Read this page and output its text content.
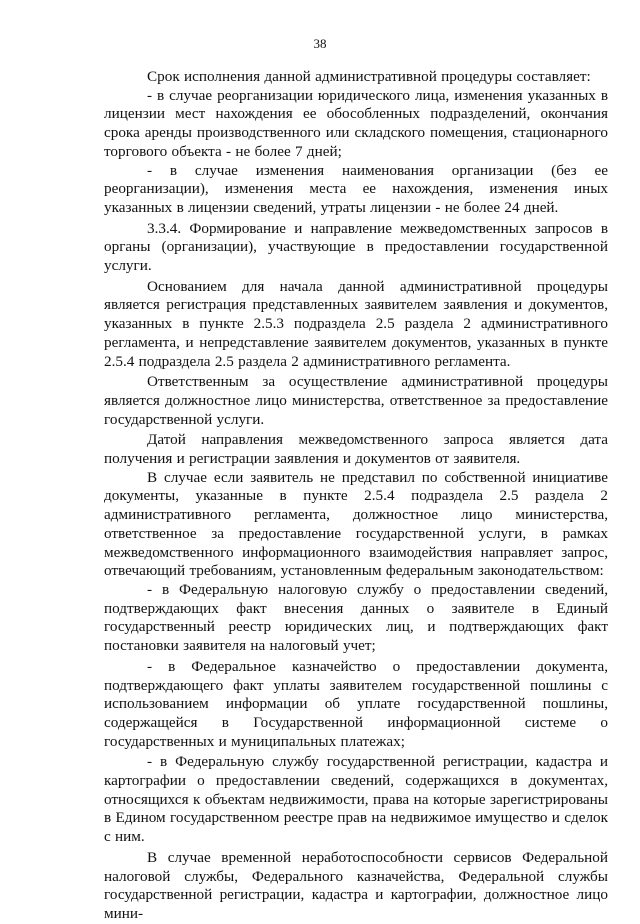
38

Срок исполнения данной административной процедуры составляет:

- в случае реорганизации юридического лица, изменения указанных в лицензии мест нахождения ее обособленных подразделений, окончания срока аренды производственного или складского помещения, стационарного торгового объекта - не более 7 дней;

- в случае изменения наименования организации (без ее реорганизации), изменения места ее нахождения, изменения иных указанных в лицензии сведений, утраты лицензии - не более 24 дней.

3.3.4. Формирование и направление межведомственных запросов в органы (организации), участвующие в предоставлении государственной услуги.

Основанием для начала данной административной процедуры является регистрация представленных заявителем заявления и документов, указанных в пункте 2.5.3 подраздела 2.5 раздела 2 административного регламента, и непредставление заявителем документов, указанных в пункте 2.5.4 подраздела 2.5 раздела 2 административного регламента.

Ответственным за осуществление административной процедуры является должностное лицо министерства, ответственное за предоставление государственной услуги.

Датой направления межведомственного запроса является дата получения и регистрации заявления и документов от заявителя.

В случае если заявитель не представил по собственной инициативе документы, указанные в пункте 2.5.4 подраздела 2.5 раздела 2 административного регламента, должностное лицо министерства, ответственное за предоставление государственной услуги, в рамках межведомственного информационного взаимодействия направляет запрос, отвечающий требованиям, установленным федеральным законодательством:

- в Федеральную налоговую службу о предоставлении сведений, подтверждающих факт внесения данных о заявителе в Единый государственный реестр юридических лиц, и подтверждающих факт постановки заявителя на налоговый учет;

- в Федеральное казначейство о предоставлении документа, подтверждающего факт уплаты заявителем государственной пошлины с использованием информации об уплате государственной пошлины, содержащейся в Государственной информационной системе о государственных и муниципальных платежах;

- в Федеральную службу государственной регистрации, кадастра и картографии о предоставлении сведений, содержащихся в документах, относящихся к объектам недвижимости, права на которые зарегистрированы в Едином государственном реестре прав на недвижимое имущество и сделок с ним.

В случае временной неработоспособности сервисов Федеральной налоговой службы, Федерального казначейства, Федеральной службы государственной регистрации, кадастра и картографии, должностное лицо мини-
